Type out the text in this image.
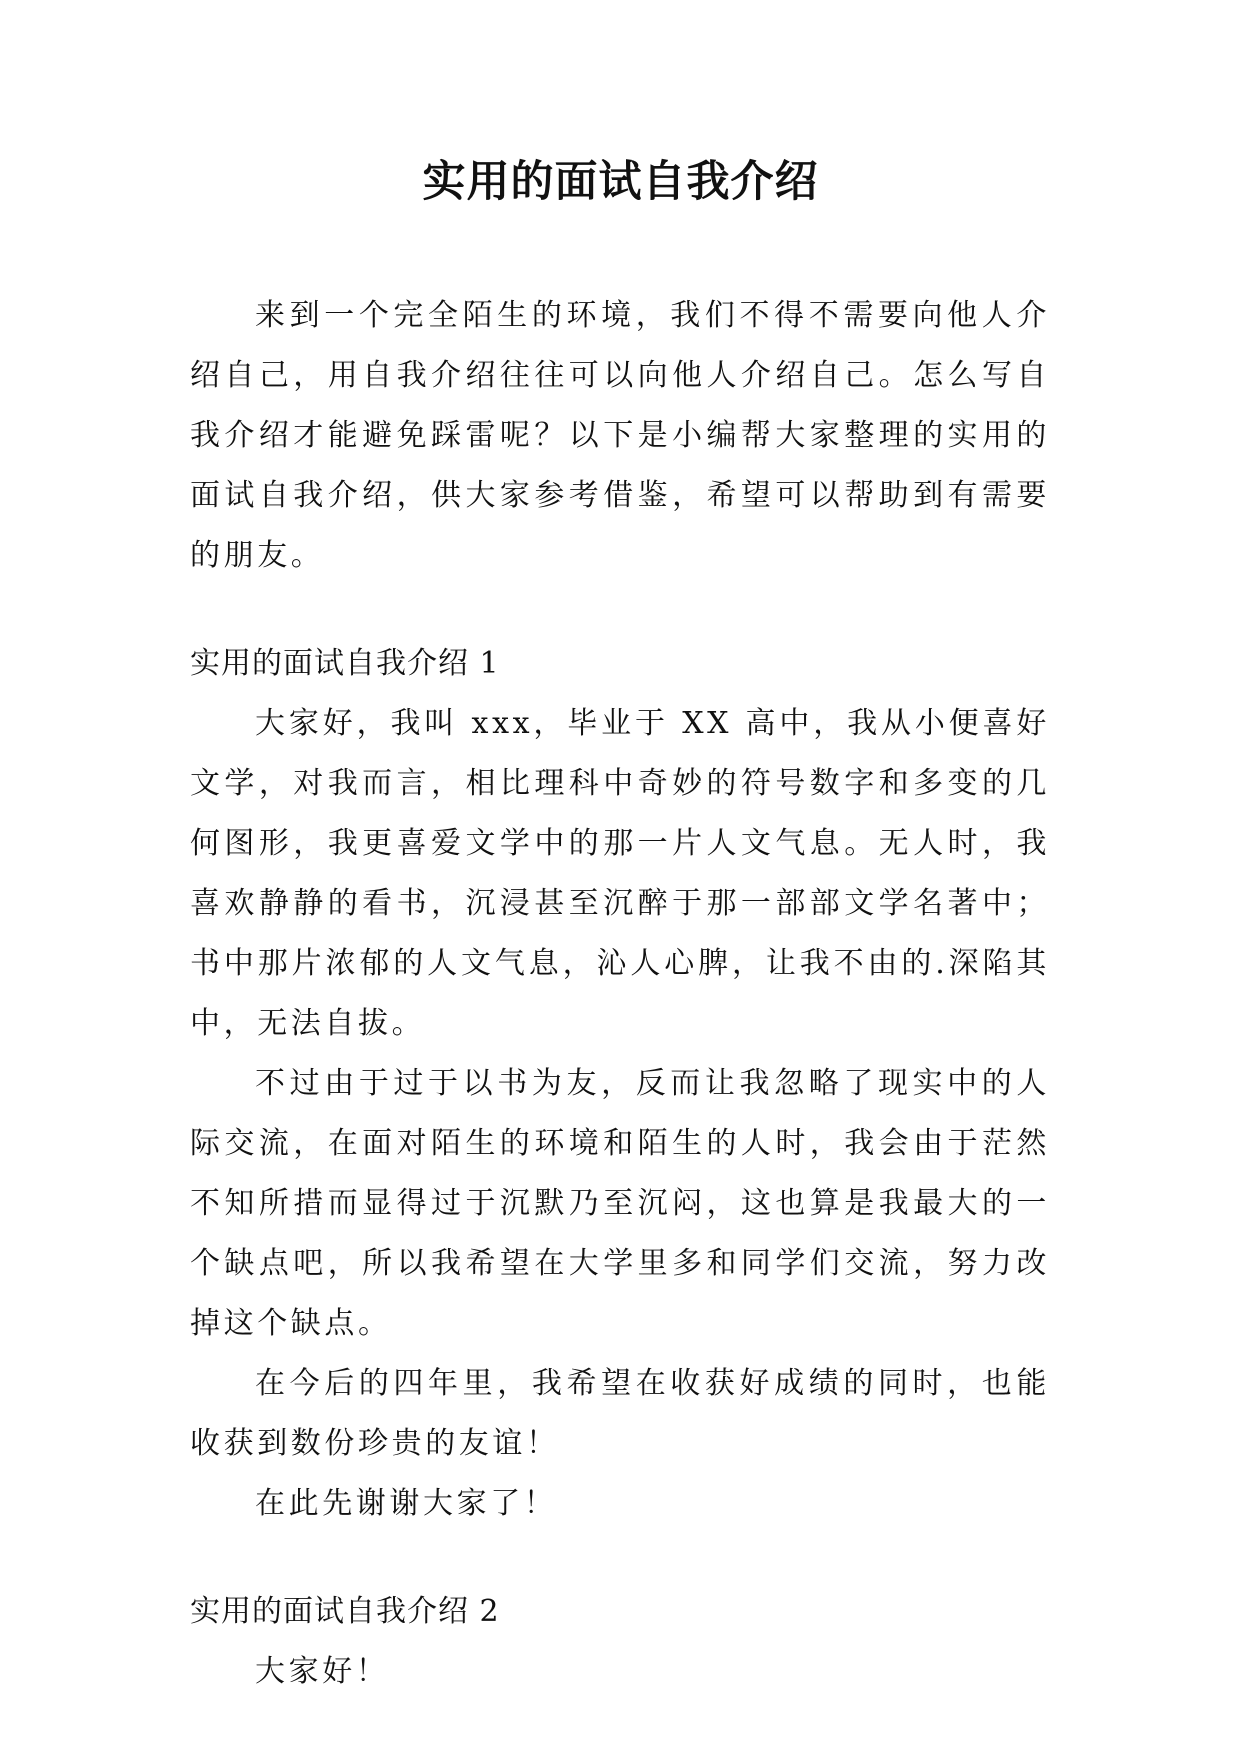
实用的面试自我介绍

来到一个完全陌生的环境，我们不得不需要向他人介绍自己，用自我介绍往往可以向他人介绍自己。怎么写自我介绍才能避免踩雷呢？以下是小编帮大家整理的实用的面试自我介绍，供大家参考借鉴，希望可以帮助到有需要的朋友。

实用的面试自我介绍 1

大家好，我叫 xxx，毕业于 XX 高中，我从小便喜好文学，对我而言，相比理科中奇妙的符号数字和多变的几何图形，我更喜爱文学中的那一片人文气息。无人时，我喜欢静静的看书，沉浸甚至沉醉于那一部部文学名著中；书中那片浓郁的人文气息，沁人心脾，让我不由的.深陷其中，无法自拔。

不过由于过于以书为友，反而让我忽略了现实中的人际交流，在面对陌生的环境和陌生的人时，我会由于茫然不知所措而显得过于沉默乃至沉闷，这也算是我最大的一个缺点吧，所以我希望在大学里多和同学们交流，努力改掉这个缺点。

在今后的四年里，我希望在收获好成绩的同时，也能收获到数份珍贵的友谊！

在此先谢谢大家了！

实用的面试自我介绍 2

大家好！
